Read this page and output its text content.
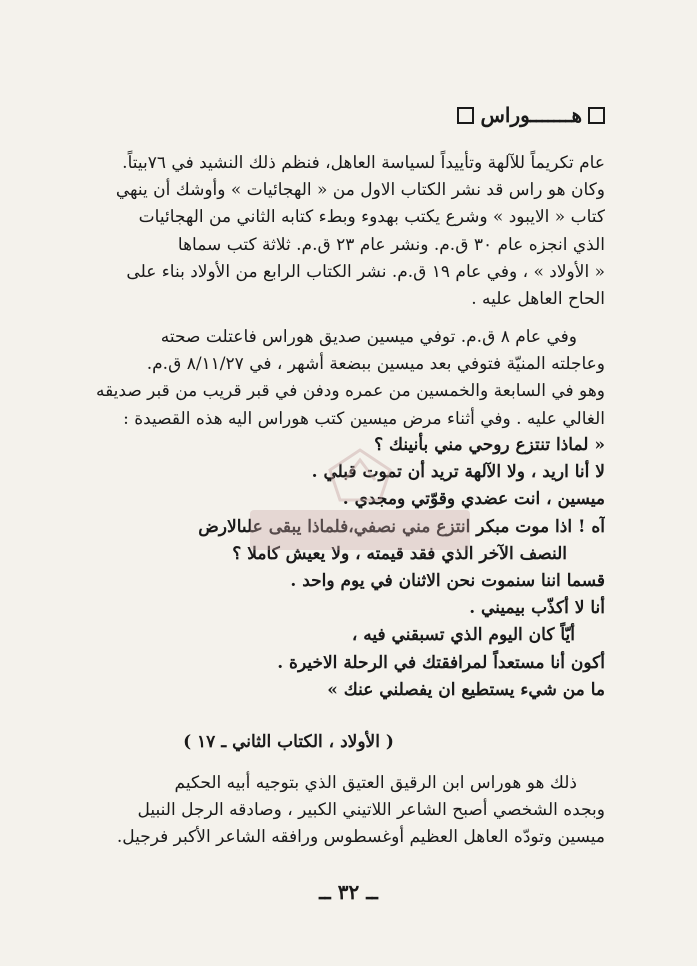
هـــــــوراس
عام تكريماً للآلهة وتأييداً لسياسة العاهل، فنظم ذلك النشيد في ٧٦بيتاً.
وكان هو راس قد نشر الكتاب الاول من « الهجائيات » وأوشك أن ينهي
كتاب « الايبود » وشرع يكتب بهدوء وبطء كتابه الثاني من الهجائيات
الذي انجزه عام ٣٠ ق.م. ونشر عام ٢٣ ق.م. ثلاثة كتب سماها
« الأولاد » ، وفي عام ١٩ ق.م. نشر الكتاب الرابع من الأولاد بناء على
الحاح العاهل عليه .
وفي عام ٨ ق.م. توفي ميسين صديق هوراس فاعتلت صحته
وعاجلته المنيّة فتوفي بعد ميسين ببضعة أشهر ، في ٨/١١/٢٧ ق.م.
وهو في السابعة والخمسين من عمره ودفن في قبر قريب من قبر صديقه
الغالي عليه . وفي أثناء مرض ميسين كتب هوراس اليه هذه القصيدة :
« لماذا تنتزع روحي مني بأنينك ؟
لا أنا اريد ، ولا الآلهة تريد أن تموت قبلي .
ميسين ، انت عضدي وقوّتي ومجدي .
آه ! اذا موت مبكر انتزع مني نصفي،فلماذا يبقى علىالارض
النصف الآخر الذي فقد قيمته ، ولا يعيش كاملا ؟
قسما اننا سنموت نحن الاثنان في يوم واحد .
أنا لا أكذّب بيميني .
أيّاً كان اليوم الذي تسبقني فيه ،
أكون أنا مستعداً لمرافقتك في الرحلة الاخيرة .
ما من شيء يستطيع ان يفصلني عنك »
( الأولاد ، الكتاب الثاني ـ ١٧ )
ذلك هو هوراس ابن الرقيق العتيق الذي بتوجيه أبيه الحكيم
وبجده الشخصي أصبح الشاعر اللاتيني الكبير ، وصادقه الرجل النبيل
ميسين وتودّه العاهل العظيم أوغسطوس ورافقه الشاعر الأكبر فرجيل.
ــ ٣٢ ــ
